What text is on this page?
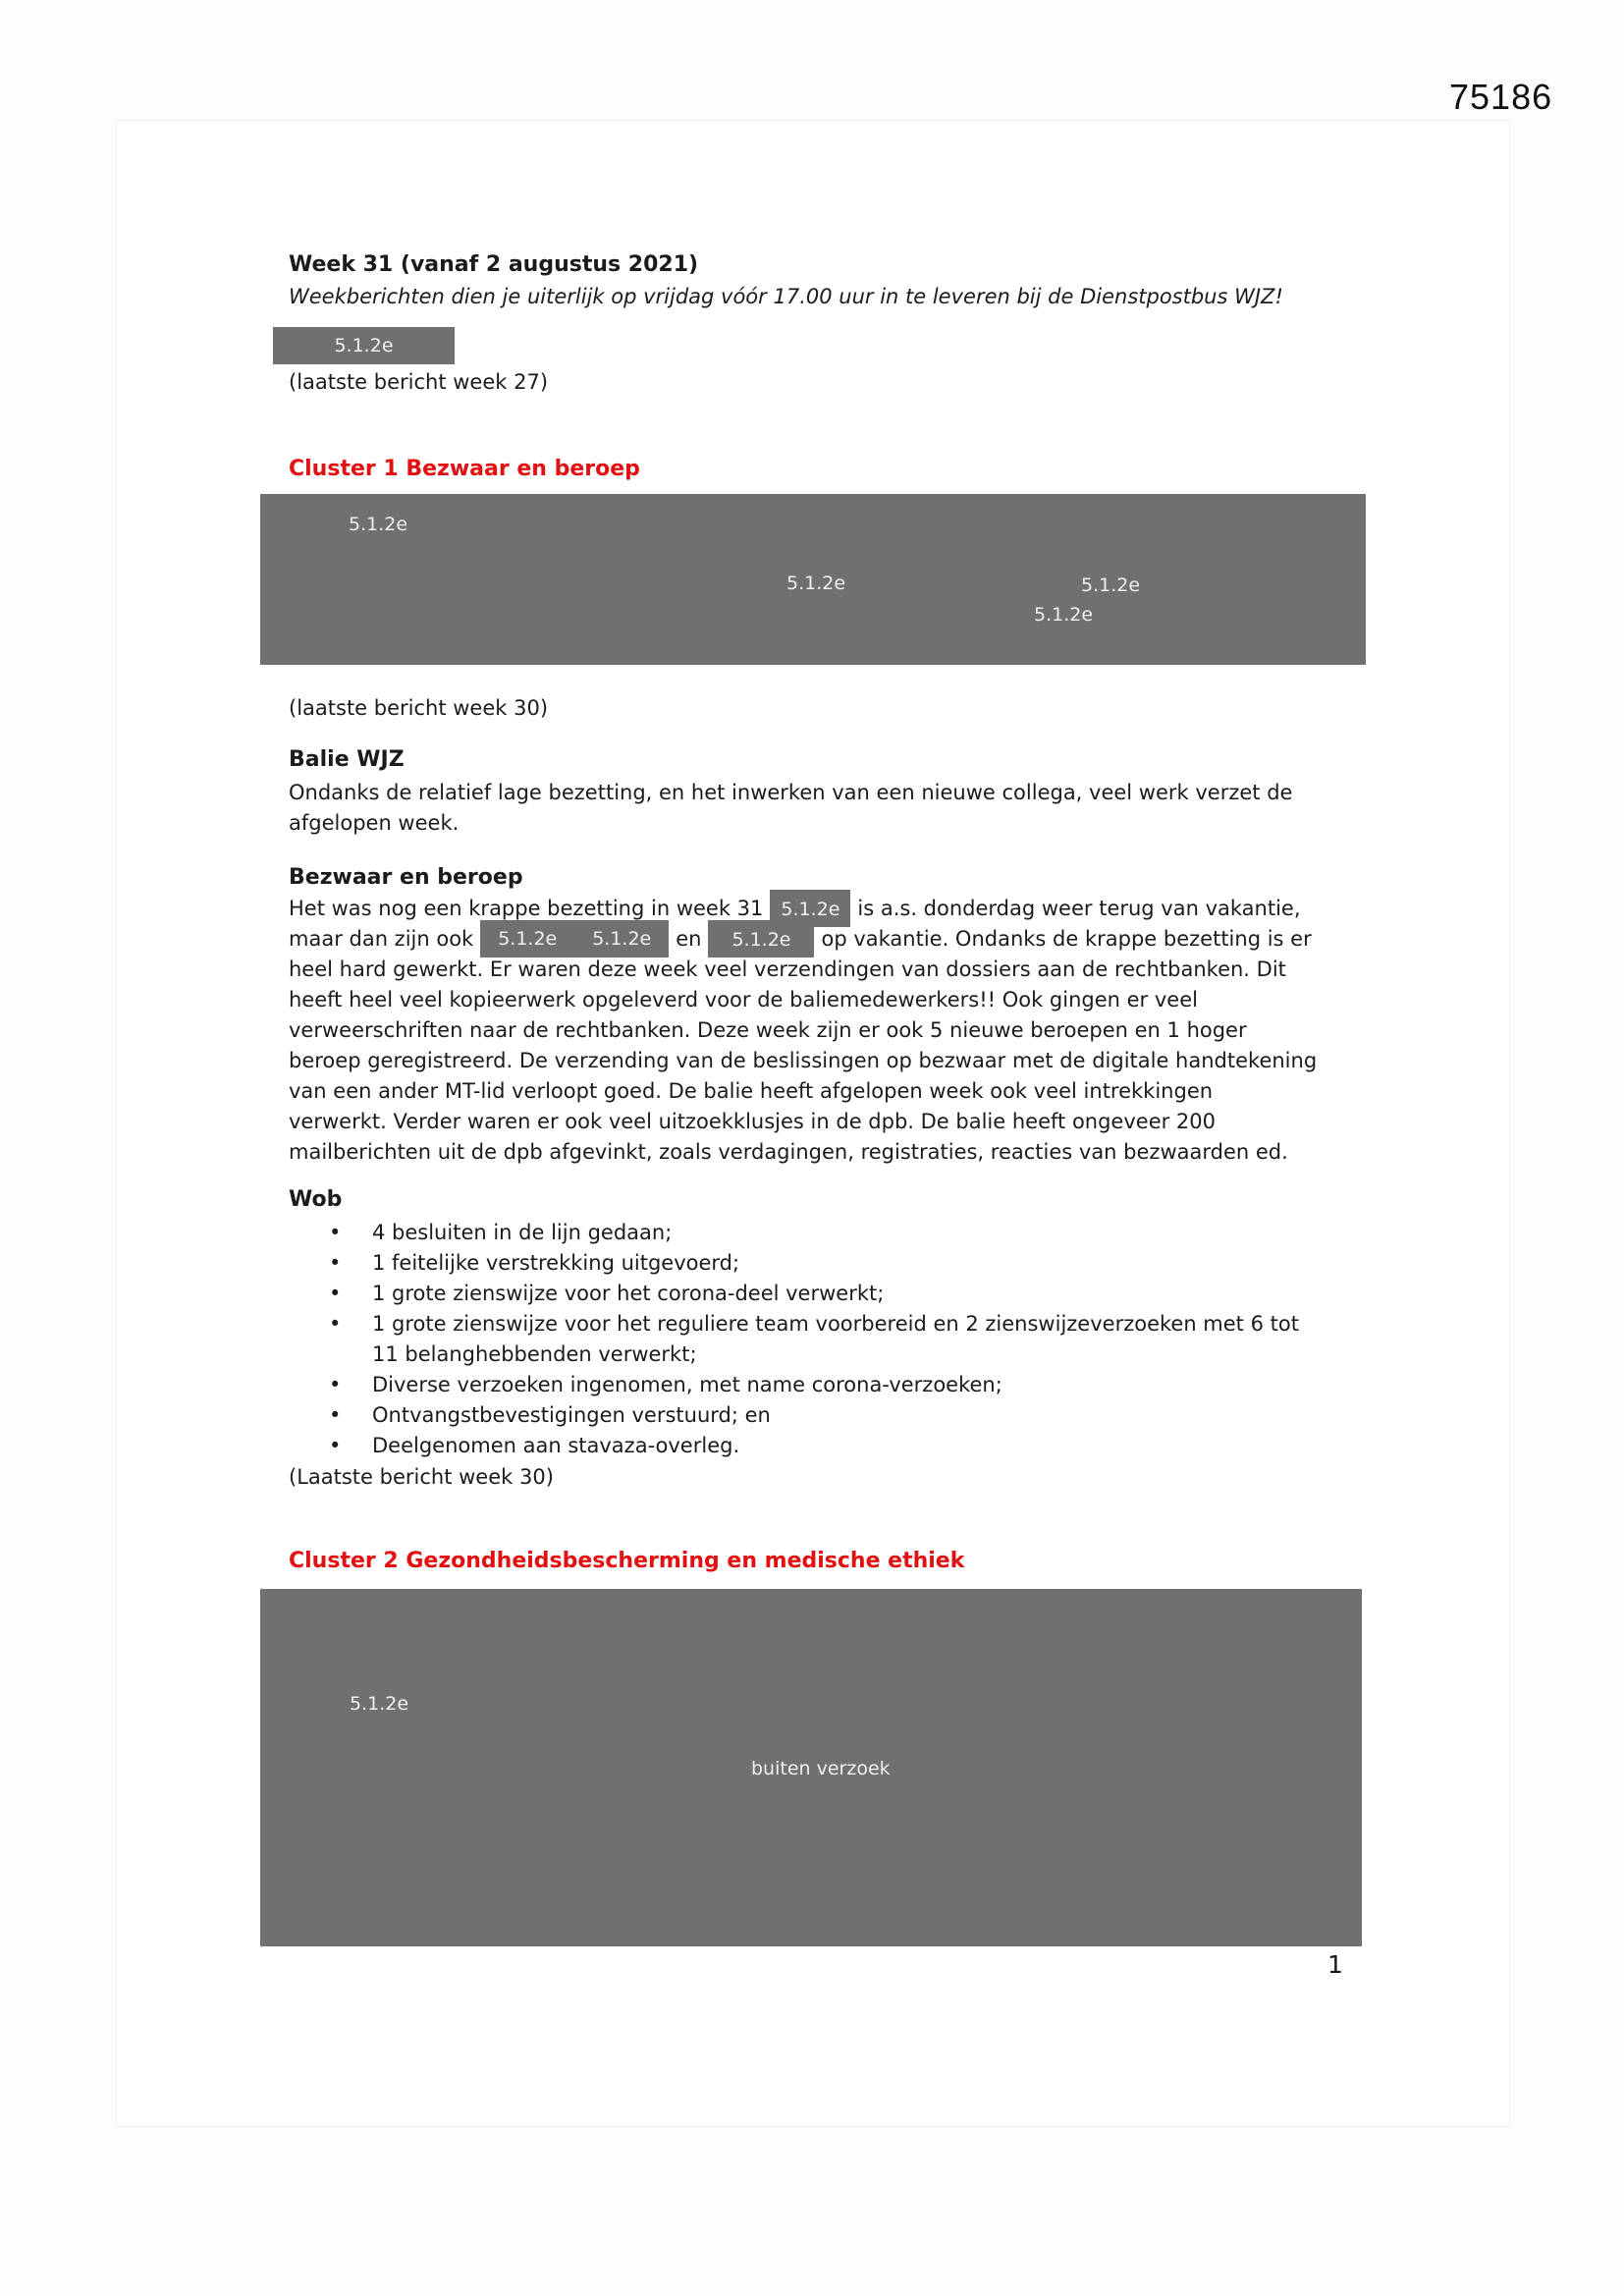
75186
Week 31 (vanaf 2 augustus 2021)
Weekberichten dien je uiterlijk op vrijdag vóór 17.00 uur in te leveren bij de Dienstpostbus WJZ!
5.1.2e
(laatste bericht week 27)
Cluster 1 Bezwaar en beroep
5.1.2e
5.1.2e	5.1.2e
5.1.2e
(laatste bericht week 30)
Balie WJZ
Ondanks de relatief lage bezetting, en het inwerken van een nieuwe collega, veel werk verzet de
afgelopen week.
Bezwaar en beroep
Het was nog een krappe bezetting in week 31 5.1.2e is a.s. donderdag weer terug van vakantie,
maar dan zijn ook 5.1.2e 5.1.2e en 5.1.2e op vakantie. Ondanks de krappe bezetting is er
heel hard gewerkt. Er waren deze week veel verzendingen van dossiers aan de rechtbanken. Dit
heeft heel veel kopieerwerk opgeleverd voor de baliemedewerkers!! Ook gingen er veel
verweerschriften naar de rechtbanken. Deze week zijn er ook 5 nieuwe beroepen en 1 hoger
beroep geregistreerd. De verzending van de beslissingen op bezwaar met de digitale handtekening
van een ander MT-lid verloopt goed. De balie heeft afgelopen week ook veel intrekkingen
verwerkt. Verder waren er ook veel uitzoekklusjes in de dpb. De balie heeft ongeveer 200
mailberichten uit de dpb afgevinkt, zoals verdagingen, registraties, reacties van bezwaarden ed.
Wob
• 4 besluiten in de lijn gedaan;
• 1 feitelijke verstrekking uitgevoerd;
• 1 grote zienswijze voor het corona-deel verwerkt;
• 1 grote zienswijze voor het reguliere team voorbereid en 2 zienswijzeverzoeken met 6 tot
11 belanghebbenden verwerkt;
• Diverse verzoeken ingenomen, met name corona-verzoeken;
• Ontvangstbevestigingen verstuurd; en
• Deelgenomen aan stavaza-overleg.
(Laatste bericht week 30)
Cluster 2 Gezondheidsbescherming en medische ethiek
5.1.2e
buiten verzoek
1
